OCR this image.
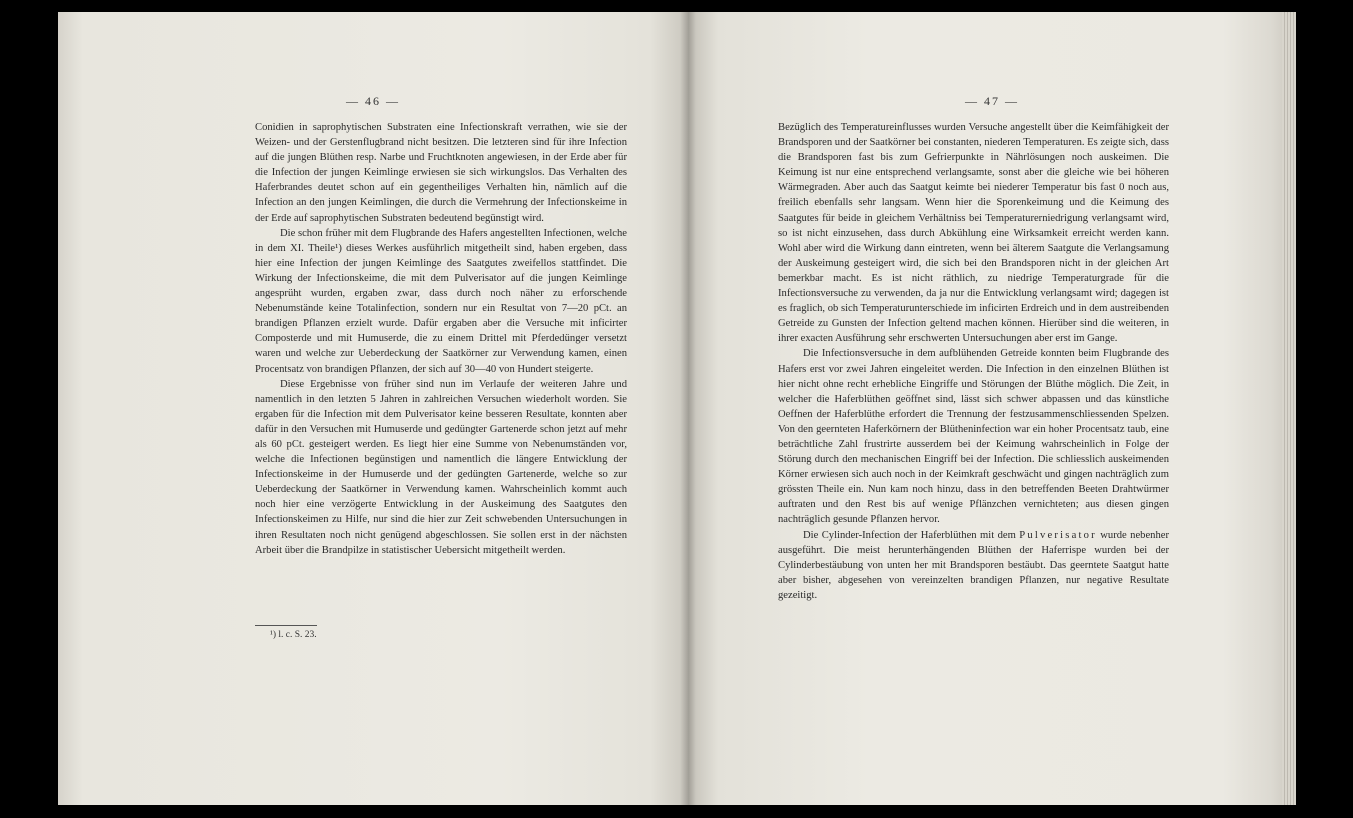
— 46 —

Conidien in saprophytischen Substraten eine Infectionskraft verrathen, wie sie der Weizen- und der Gerstenflugbrand nicht besitzen. Die letzteren sind für ihre Infection auf die jungen Blüthen resp. Narbe und Fruchtknoten angewiesen, in der Erde aber für die Infection der jungen Keimlinge erwiesen sie sich wirkungslos. Das Verhalten des Haferbrandes deutet schon auf ein gegentheiliges Verhalten hin, nämlich auf die Infection an den jungen Keimlingen, die durch die Vermehrung der Infectionskeime in der Erde auf saprophytischen Substraten bedeutend begünstigt wird.

Die schon früher mit dem Flugbrande des Hafers angestellten Infectionen, welche in dem XI. Theile¹) dieses Werkes ausführlich mitgetheilt sind, haben ergeben, dass hier eine Infection der jungen Keimlinge des Saatgutes zweifellos stattfindet. Die Wirkung der Infectionskeime, die mit dem Pulverisator auf die jungen Keimlinge angesprüht wurden, ergaben zwar, dass durch noch näher zu erforschende Nebenumstände keine Totalinfection, sondern nur ein Resultat von 7—20 pCt. an brandigen Pflanzen erzielt wurde. Dafür ergaben aber die Versuche mit inficirter Composterde und mit Humuserde, die zu einem Drittel mit Pferdedünger versetzt waren und welche zur Ueberdeckung der Saatkörner zur Verwendung kamen, einen Procentsatz von brandigen Pflanzen, der sich auf 30—40 von Hundert steigerte.

Diese Ergebnisse von früher sind nun im Verlaufe der weiteren Jahre und namentlich in den letzten 5 Jahren in zahlreichen Versuchen wiederholt worden. Sie ergaben für die Infection mit dem Pulverisator keine besseren Resultate, konnten aber dafür in den Versuchen mit Humuserde und gedüngter Gartenerde schon jetzt auf mehr als 60 pCt. gesteigert werden. Es liegt hier eine Summe von Nebenumständen vor, welche die Infectionen begünstigen und namentlich die längere Entwicklung der Infectionskeime in der Humuserde und der gedüngten Gartenerde, welche so zur Ueberdeckung der Saatkörner in Verwendung kamen. Wahrscheinlich kommt auch noch hier eine verzögerte Entwicklung in der Auskeimung des Saatgutes den Infectionskeimen zu Hilfe, nur sind die hier zur Zeit schwebenden Untersuchungen in ihren Resultaten noch nicht genügend abgeschlossen. Sie sollen erst in der nächsten Arbeit über die Brandpilze in statistischer Uebersicht mitgetheilt werden.

¹) l. c. S. 23.
— 47 —

Bezüglich des Temperatureinflusses wurden Versuche angestellt über die Keimfähigkeit der Brandsporen und der Saatkörner bei constanten, niederen Temperaturen. Es zeigte sich, dass die Brandsporen fast bis zum Gefrierpunkte in Nährlösungen noch auskeimen. Die Keimung ist nur eine entsprechend verlangsamte, sonst aber die gleiche wie bei höheren Wärmegraden. Aber auch das Saatgut keimte bei niederer Temperatur bis fast 0 noch aus, freilich ebenfalls sehr langsam. Wenn hier die Sporenkeimung und die Keimung des Saatgutes für beide in gleichem Verhältniss bei Temperaturerniedrigung verlangsamt wird, so ist nicht einzusehen, dass durch Abkühlung eine Wirksamkeit erreicht werden kann. Wohl aber wird die Wirkung dann eintreten, wenn bei älterem Saatgute die Verlangsamung der Auskeimung gesteigert wird, die sich bei den Brandsporen nicht in der gleichen Art bemerkbar macht. Es ist nicht räthlich, zu niedrige Temperaturgrade für die Infectionsversuche zu verwenden, da ja nur die Entwicklung verlangsamt wird; dagegen ist es fraglich, ob sich Temperaturunterschiede im inficirten Erdreich und in dem austreibenden Getreide zu Gunsten der Infection geltend machen können. Hierüber sind die weiteren, in ihrer exacten Ausführung sehr erschwerten Untersuchungen aber erst im Gange.

Die Infectionsversuche in dem aufblühenden Getreide konnten beim Flugbrande des Hafers erst vor zwei Jahren eingeleitet werden. Die Infection in den einzelnen Blüthen ist hier nicht ohne recht erhebliche Eingriffe und Störungen der Blüthe möglich. Die Zeit, in welcher die Haferblüthen geöffnet sind, lässt sich schwer abpassen und das künstliche Oeffnen der Haferblüthe erfordert die Trennung der festzusammenschliessenden Spelzen. Von den geernteten Haferkörnern der Blütheninfection war ein hoher Procentsatz taub, eine beträchtliche Zahl frustrirte ausserdem bei der Keimung wahrscheinlich in Folge der Störung durch den mechanischen Eingriff bei der Infection. Die schliesslich auskeimenden Körner erwiesen sich auch noch in der Keimkraft geschwächt und gingen nachträglich zum grössten Theile ein. Nun kam noch hinzu, dass in den betreffenden Beeten Drahtwürmer auftraten und den Rest bis auf wenige Pflänzchen vernichteten; aus diesen gingen nachträglich gesunde Pflanzen hervor.

Die Cylinder-Infection der Haferblüthen mit dem Pulverisator wurde nebenher ausgeführt. Die meist herunterhängenden Blüthen der Haferrispe wurden bei der Cylinderbestäubung von unten her mit Brandsporen bestäubt. Das geerntete Saatgut hatte aber bisher, abgesehen von vereinzelten brandigen Pflanzen, nur negative Resultate gezeitigt.
